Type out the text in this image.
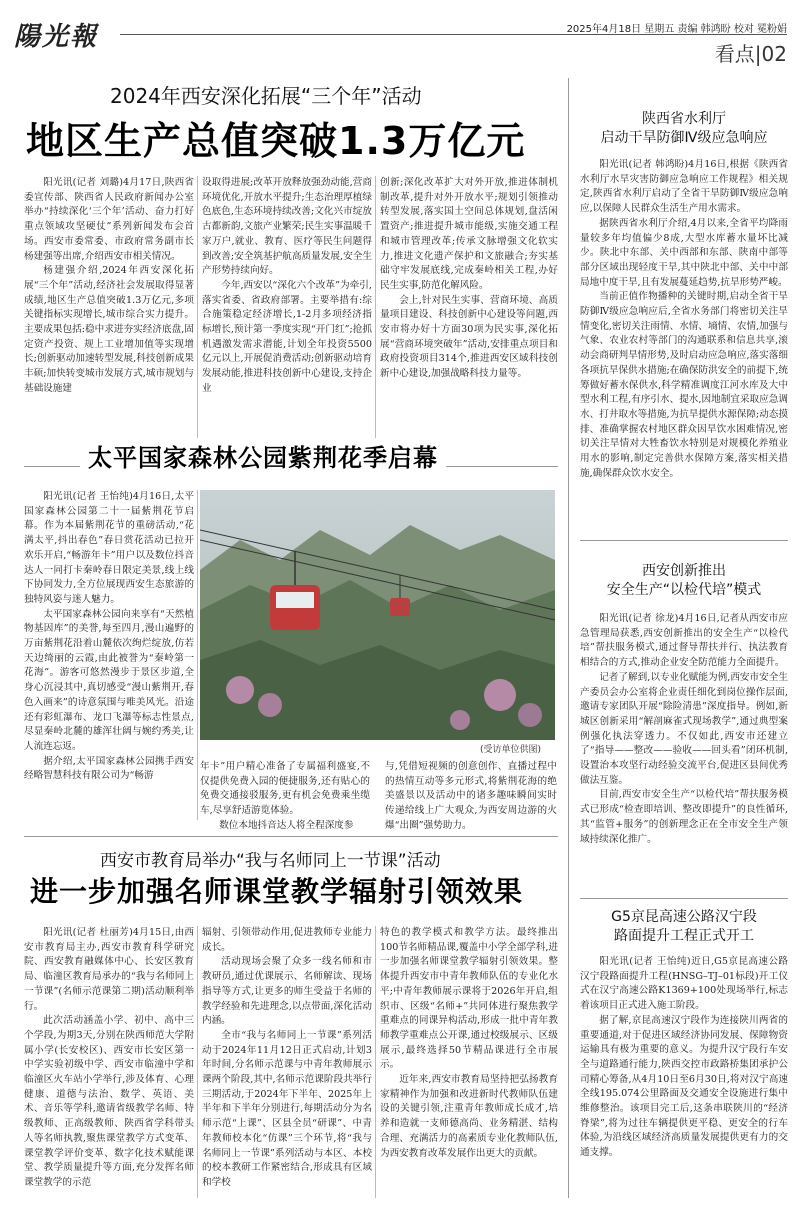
陽光報	2025年4月18日 星期五 责编 韩鸿盼 校对 冕粉娟
看点|02
2024年西安深化拓展“三个年”活动
地区生产总值突破1.3万亿元

阳光讯(记者 刘璐)4月17日,陕西省委宣传部、陕西省人民政府新闻办公室举办“持续深化‘三个年’活动、奋力打好重点领域攻坚硬仗”系列新闻发布会首场。西安市委常委、市政府常务副市长杨建强等出席,介绍西安市相关情况。

杨建强介绍,2024年西安深化拓展“三个年”活动,经济社会发展取得显著成绩,地区生产总值突破1.3万亿元,多项关键指标实现增长,城市综合实力提升。主要成果包括:稳中求进夯实经济底盘,固定资产投资、规上工业增加值等实现增长;创新驱动加速转型发展,科技创新成果丰硕;加快转变城市发展方式,城市规划与基础设施建

设取得进展;改革开放释放强劲动能,营商环境优化,开放水平提升;生态治理厚植绿色底色,生态环境持续改善;文化兴市绽放古都新韵,文旅产业繁荣;民生实事温暖千家万户,就业、教育、医疗等民生问题得到改善;安全筑基护航高质量发展,安全生产形势持续向好。

今年,西安以“深化六个改革”为牵引,落实省委、省政府部署。主要举措有:综合施策稳定经济增长,1-2月多项经济指标增长,预计第一季度实现“开门红”;抢抓机遇激发需求潜能,计划全年投资5500亿元以上,开展促消费活动;创新驱动培育发展动能,推进科技创新中心建设,支持企业

创新;深化改革扩大对外开放,推进体制机制改革,提升对外开放水平;规划引领推动转型发展,落实国土空间总体规划,盘活闲置资产;推进提升城市能级,实施交通工程和城市管理改革;传承文脉增强文化软实力,推进文化遗产保护和文旅融合;夯实基础守牢发展底线,完成秦岭相关工程,办好民生实事,防范化解风险。

会上,针对民生实事、营商环境、高质量项目建设、科技创新中心建设等问题,西安市将办好十方面30项为民实事,深化拓展“营商环境突破年”活动,安排重点项目和政府投资项目314个,推进西安区域科技创新中心建设,加强战略科技力量等。

太平国家森林公园紫荆花季启幕

阳光讯(记者 王怡纯)4月16日,太平国家森林公园第二十一届紫荆花节启幕。作为本届紫荆花节的重磅活动,“花满太平,抖出春色”春日赏花活动已拉开欢乐开启,“畅游年卡”用户以及数位抖音达人一同打卡秦岭春日限定美景,线上线下协同发力,全方位展现西安生态旅游的独特风姿与迷人魅力。

太平国家森林公园向来享有“天然植物基因库”的美誉,每至四月,漫山遍野的万亩紫荆花沿着山麓依次绚烂绽放,仿若天边绮丽的云霞,由此被誉为“秦岭第一花海”。游客可悠然漫步于景区步道,全身心沉浸其中,真切感受“漫山紫荆开,春色入画来”的诗意氛围与唯美风光。沿途还有彩虹瀑布、龙口飞瀑等标志性景点,尽显秦岭北麓的雄浑壮阔与婉约秀美,让人流连忘返。

据介绍,太平国家森林公园携手西安经略智慧科技有限公司为“畅游

(受访单位供图)

年卡”用户精心准备了专属福利盛宴,不仅提供免费入园的便捷服务,还有贴心的免费交通接驳服务,更有机会免费乘坐缆车,尽享舒适游览体验。

数位本地抖音达人将全程深度参

与,凭借短视频的创意创作、直播过程中的热情互动等多元形式,将紫荆花海的绝美盛景以及活动中的诸多趣味瞬间实时传递给线上广大观众,为西安周边游的火爆“出圈”强势助力。

西安市教育局举办“我与名师同上一节课”活动
进一步加强名师课堂教学辐射引领效果

阳光讯(记者 杜丽芳)4月15日,由西安市教育局主办,西安市教育科学研究院、西安教育融媒体中心、长安区教育局、临潼区教育局承办的“我与名师同上一节课”(名师示范课第二期)活动顺利举行。

此次活动涵盖小学、初中、高中三个学段,为期3天,分别在陕西师范大学附属小学(长安校区)、西安市长安区第一中学实验初级中学、西安市临潼中学和临潼区火车站小学举行,涉及体育、心理健康、道德与法治、数学、英语、美术、音乐等学科,邀请省级教学名师、特级教师、正高级教师、陕西省学科带头人等名师执教,聚焦课堂教学方式变革、课堂教学评价变革、数字化技术赋能课堂、教学质量提升等方面,充分发挥名师课堂教学的示范

辐射、引领带动作用,促进教师专业能力成长。

活动现场会聚了众多一线名师和市教研员,通过优课展示、名师解读、现场指导等方式,让更多的师生受益于名师的教学经验和先进理念,以点带面,深化活动内涵。

全市“我与名师同上一节课”系列活动于2024年11月12日正式启动,计划3年时间,分名师示范课与中青年教师展示课两个阶段,其中,名师示范课阶段共举行三期活动,于2024年下半年、2025年上半年和下半年分别进行,每期活动分为名师示范“上课”、区县全员“研课”、中青年教师校本化“仿课”三个环节,将“我与名师同上一节课”系列活动与本区、本校的校本教研工作紧密结合,形成具有区域和学校

特色的教学模式和教学方法。最终推出100节名师精品课,覆盖中小学全部学科,进一步加强名师课堂教学辐射引领效果。整体提升西安市中青年教师队伍的专业化水平;中青年教师展示课将于2026年开启,组织市、区级“名师+”共同体进行聚焦教学重难点的同课异构活动,形成一批中青年教师教学重难点公开课,通过校级展示、区级展示,最终选择50节精品课进行全市展示。

近年来,西安市教育局坚持把弘扬教育家精神作为加强和改进新时代教师队伍建设的关键引领,注重青年教师成长成才,培养和造就一支师德高尚、业务精湛、结构合理、充满活力的高素质专业化教师队伍,为西安教育改革发展作出更大的贡献。

陕西省水利厅
启动干旱防御Ⅳ级应急响应

阳光讯(记者 韩鸿盼)4月16日,根据《陕西省水利厅水旱灾害防御应急响应工作规程》相关规定,陕西省水利厅启动了全省干旱防御Ⅳ级应急响应,以保障人民群众生活生产用水需求。

据陕西省水利厅介绍,4月以来,全省平均降雨量较多年均值偏少8成,大型水库蓄水量坏比减少。陕北中东部、关中西部和东部、陕南中部等部分区域出现轻度干旱,其中陕北中部、关中中部局地中度干旱,且有发展蔓延趋势,抗旱形势严峻。

当前正值作物播种的关键时期,启动全省干旱防御Ⅳ级应急响应后,全省水务部门将密切关注旱情变化,密切关注雨情、水情、墒情、农情,加强与气象、农业农村等部门的沟通联系和信息共享,滚动会商研判旱情形势,及时启动应急响应,落实落细各项抗旱保供水措施;在确保防洪安全的前提下,统筹做好蓄水保供水,科学精准调度江河水库及大中型水利工程,有序引水、提水,因地制宜采取应急调水、打井取水等措施,为抗旱提供水源保障;动态摸排、准确掌握农村地区群众因旱饮水困难情况,密切关注旱情对大牲畜饮水特别是对规模化养殖业用水的影响,制定完善供水保障方案,落实相关措施,确保群众饮水安全。

西安创新推出
安全生产“以检代培”模式

阳光讯(记者 徐龙)4月16日,记者从西安市应急管理局获悉,西安创新推出的安全生产“以检代培”帮扶服务模式,通过督导帮扶并行、执法教育相结合的方式,推动企业安全防范能力全面提升。

记者了解到,以专业化赋能为例,西安市安全生产委员会办公室将企业责任细化到岗位操作层面,邀请专家团队开展“除险清患”深度指导。例如,新城区创新采用“解剖麻雀式现场教学”,通过典型案例强化执法穿透力。不仅如此,西安市还建立了“指导——整改——验收——回头看”闭环机制,设置治本攻坚行动经验交流平台,促进区县间优秀做法互鉴。

目前,西安市安全生产“以检代培”帮扶服务模式已形成“检查即培训、整改即提升”的良性循环,其“监管+服务”的创新理念正在全市安全生产领域持续深化推广。

G5京昆高速公路汉宁段
路面提升工程正式开工

阳光讯(记者 王怡纯)近日,G5京昆高速公路汉宁段路面提升工程(HNSG–TJ–01标段)开工仪式在汉宁高速公路K1369+100处现场举行,标志着该项目正式进入施工阶段。

据了解,京昆高速汉宁段作为连接陕川两省的重要通道,对于促进区域经济协同发展、保障物资运输具有极为重要的意义。为提升汉宁段行车安全与道路通行能力,陕西交控市政路桥集团承护公司精心筹备,从4月10日至6月30日,将对汉宁高速全线195.074公里路面及交通安全设施进行集中维修整治。该项目完工后,这条串联陕川的“经济脊梁”,将为过往车辆提供更平稳、更安全的行车体验,为沿线区域经济高质量发展提供更有力的交通支撑。
